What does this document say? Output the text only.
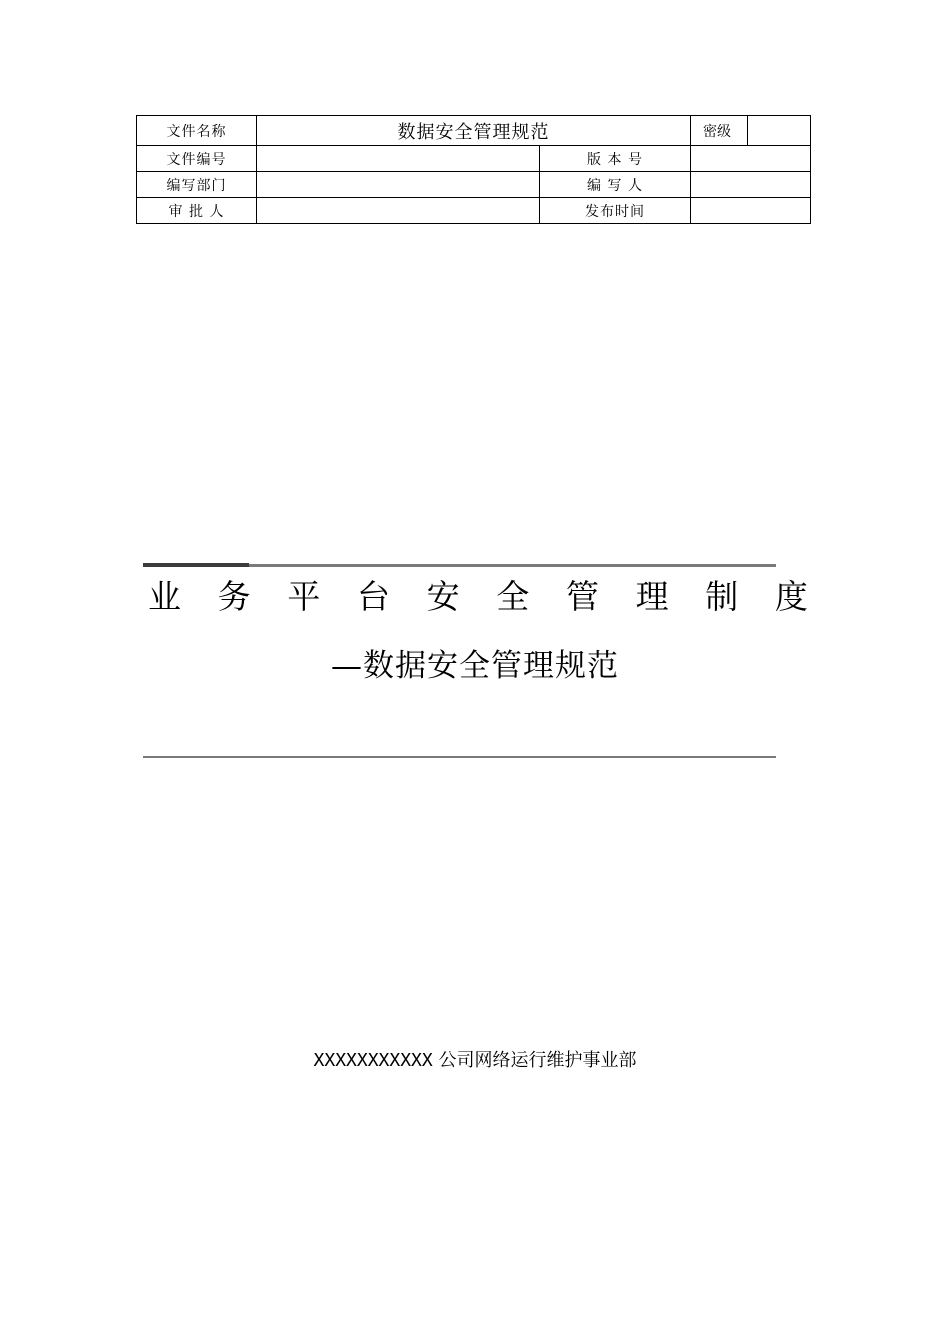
文件名称	数据安全管理规范		密级	
文件编号		版 本 号		
编写部门		编 写 人		
审 批 人		发布时间		
业 务 平 台 安 全 管 理 制 度
—数据安全管理规范
XXXXXXXXXXX 公司网络运行维护事业部
